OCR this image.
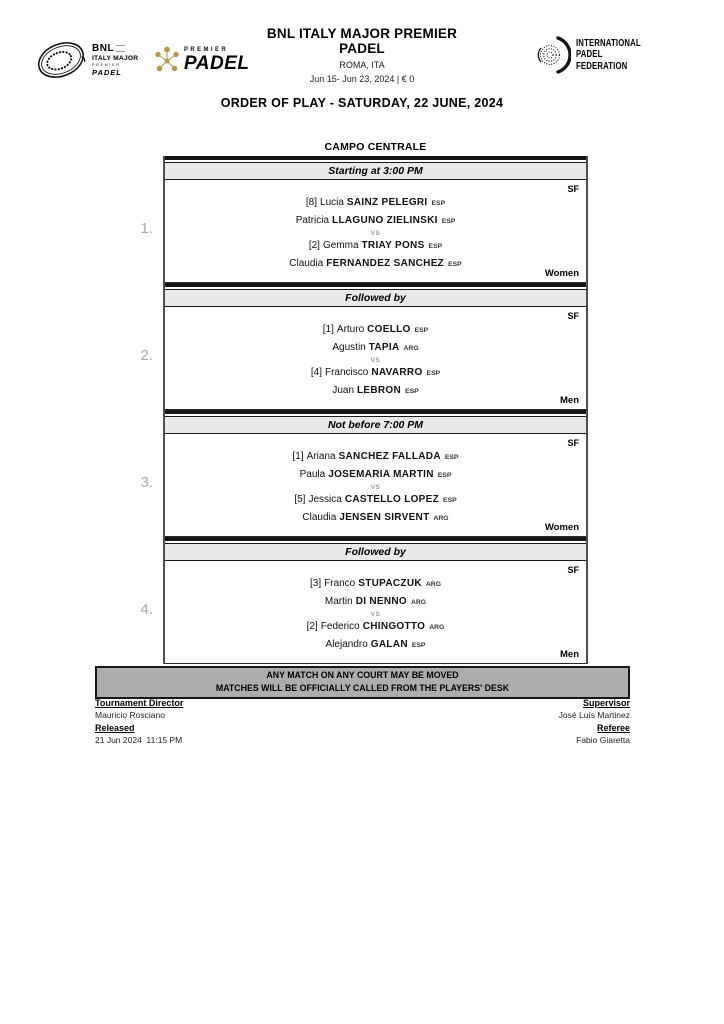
BNL
ITALY MAJOR
PREMIER
PADEL
PREMIER
PADEL
BNL ITALY MAJOR PREMIER
PADEL
ROMA, ITA
Jun 15- Jun 23, 2024 | € 0
INTERNATIONAL
PADEL
FEDERATION
ORDER OF PLAY - SATURDAY, 22 JUNE, 2024
CAMPO CENTRALE
Starting at 3:00 PM
1.
SF
[8] Lucia SAINZ PELEGRI ESP
Patricia LLAGUNO ZIELINSKI ESP
VS
[2] Gemma TRIAY PONS ESP
Claudia FERNANDEZ SANCHEZ ESP
Women
Followed by
2.
SF
[1] Arturo COELLO ESP
Agustin TAPIA ARG
VS
[4] Francisco NAVARRO ESP
Juan LEBRON ESP
Men
Not before 7:00 PM
3.
SF
[1] Ariana SANCHEZ FALLADA ESP
Paula JOSEMARIA MARTIN ESP
VS
[5] Jessica CASTELLO LOPEZ ESP
Claudia JENSEN SIRVENT ARG
Women
Followed by
4.
SF
[3] Franco STUPACZUK ARG
Martin DI NENNO ARG
VS
[2] Federico CHINGOTTO ARG
Alejandro GALAN ESP
Men
ANY MATCH ON ANY COURT MAY BE MOVED
MATCHES WILL BE OFFICIALLY CALLED FROM THE PLAYERS' DESK
Tournament Director
Mauricio Rosciano
Released
21 Jun 2024  11:15 PM
Supervisor
José Luís Martinez
Referee
Fabio Giaretta
